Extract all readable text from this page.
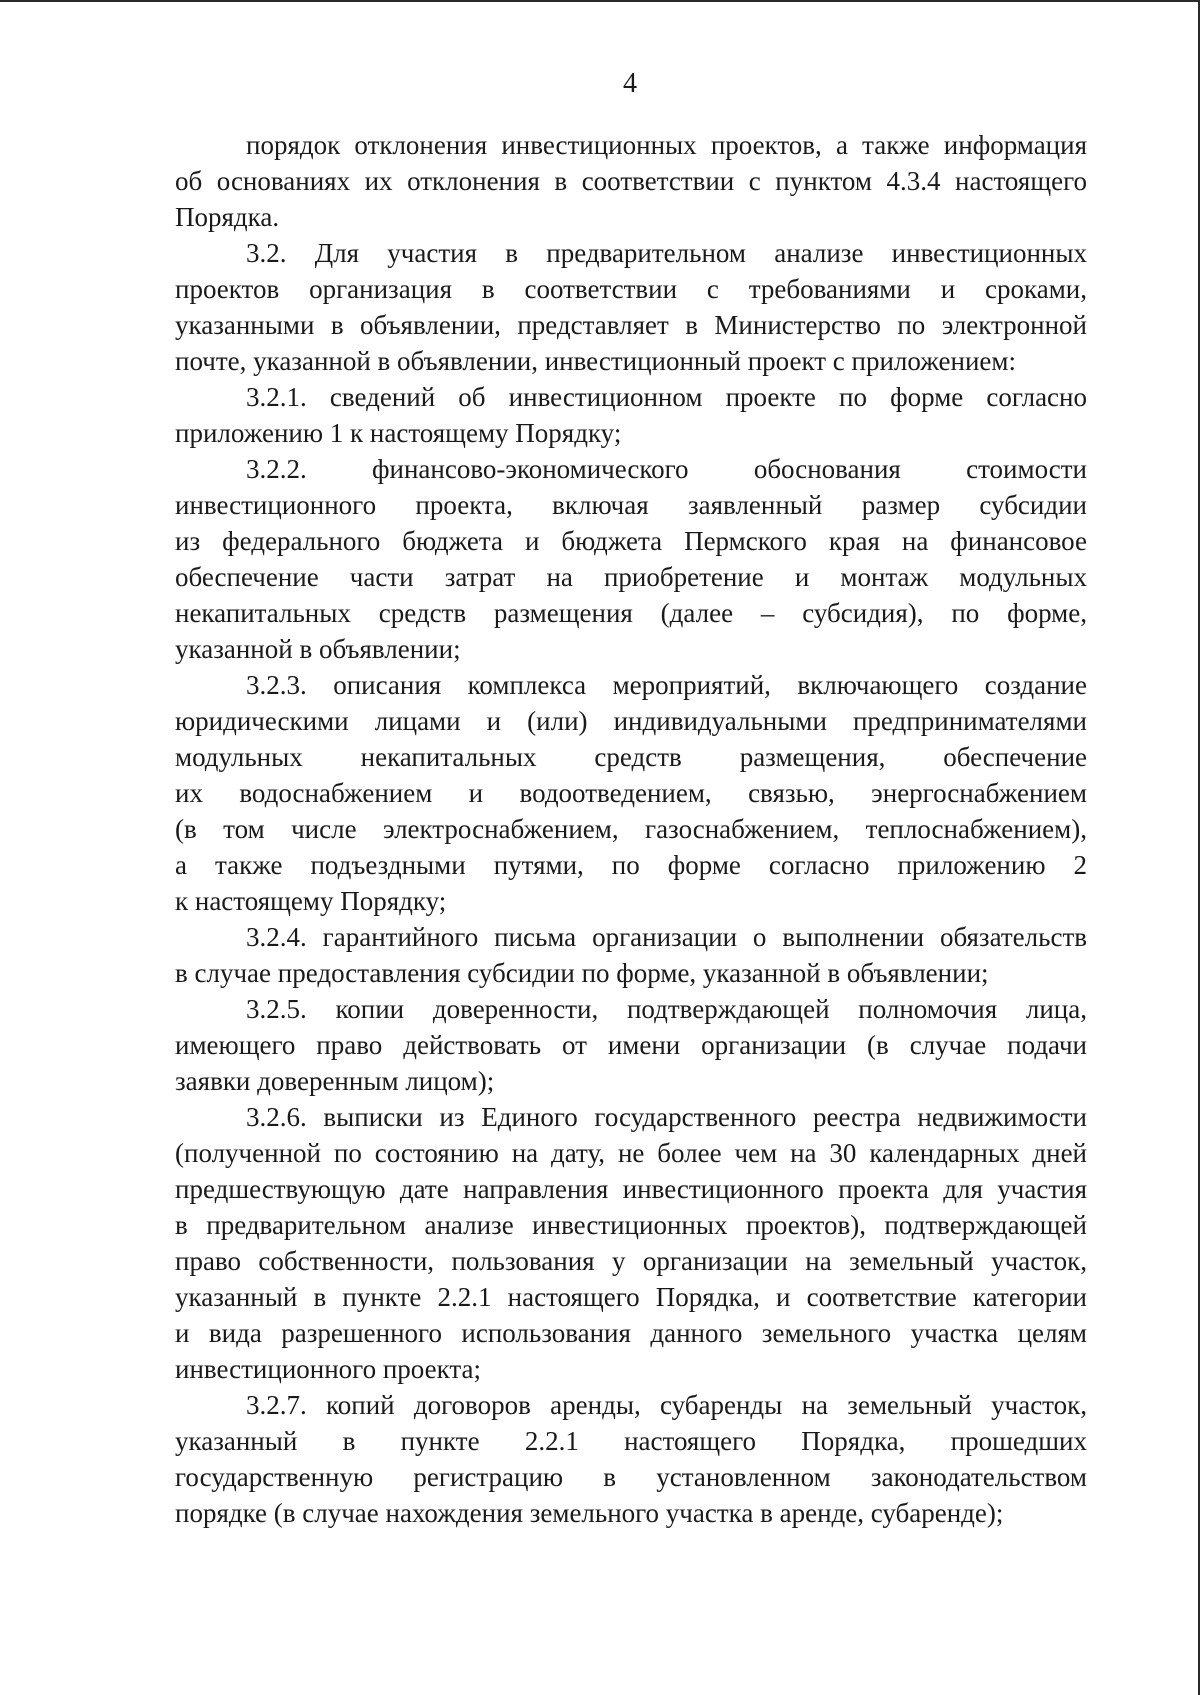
4
порядок отклонения инвестиционных проектов, а также информация
об основаниях их отклонения в соответствии с пунктом 4.3.4 настоящего
Порядка.
3.2. Для участия в предварительном анализе инвестиционных
проектов организация в соответствии с требованиями и сроками,
указанными в объявлении, представляет в Министерство по электронной
почте, указанной в объявлении, инвестиционный проект с приложением:
3.2.1. сведений об инвестиционном проекте по форме согласно
приложению 1 к настоящему Порядку;
3.2.2. финансово-экономического обоснования стоимости
инвестиционного проекта, включая заявленный размер субсидии
из федерального бюджета и бюджета Пермского края на финансовое
обеспечение части затрат на приобретение и монтаж модульных
некапитальных средств размещения (далее – субсидия), по форме,
указанной в объявлении;
3.2.3. описания комплекса мероприятий, включающего создание
юридическими лицами и (или) индивидуальными предпринимателями
модульных некапитальных средств размещения, обеспечение
их водоснабжением и водоотведением, связью, энергоснабжением
(в том числе электроснабжением, газоснабжением, теплоснабжением),
а также подъездными путями, по форме согласно приложению 2
к настоящему Порядку;
3.2.4. гарантийного письма организации о выполнении обязательств
в случае предоставления субсидии по форме, указанной в объявлении;
3.2.5. копии доверенности, подтверждающей полномочия лица,
имеющего право действовать от имени организации (в случае подачи
заявки доверенным лицом);
3.2.6. выписки из Единого государственного реестра недвижимости
(полученной по состоянию на дату, не более чем на 30 календарных дней
предшествующую дате направления инвестиционного проекта для участия
в предварительном анализе инвестиционных проектов), подтверждающей
право собственности, пользования у организации на земельный участок,
указанный в пункте 2.2.1 настоящего Порядка, и соответствие категории
и вида разрешенного использования данного земельного участка целям
инвестиционного проекта;
3.2.7. копий договоров аренды, субаренды на земельный участок,
указанный в пункте 2.2.1 настоящего Порядка, прошедших
государственную регистрацию в установленном законодательством
порядке (в случае нахождения земельного участка в аренде, субаренде);
